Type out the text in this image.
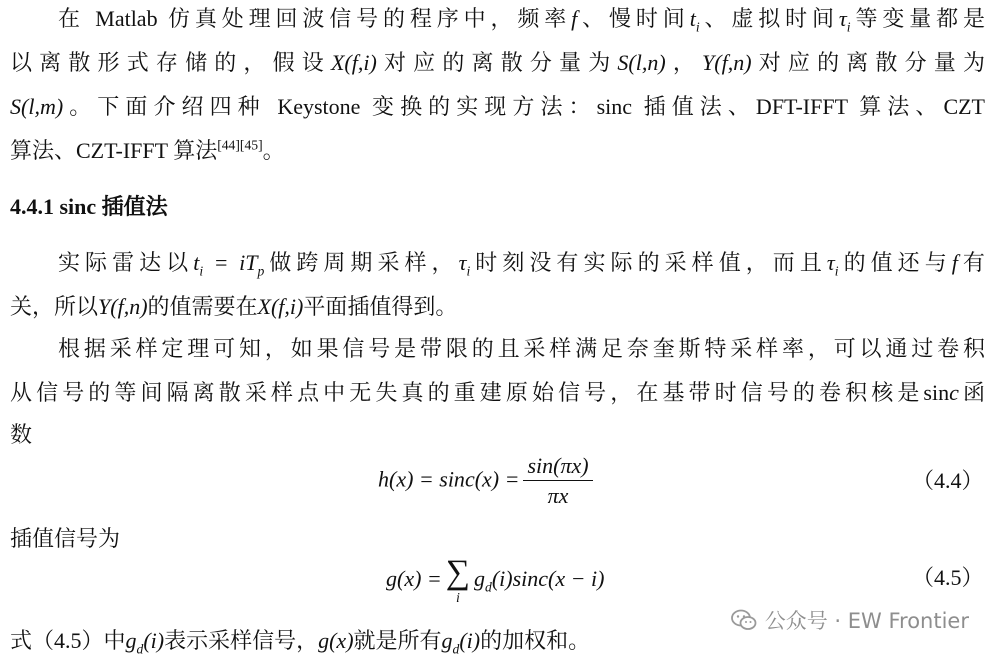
在 Matlab 仿真处理回波信号的程序中，频率f、慢时间$t_i$、虚拟时间$\tau_i$等变量都是
以离散形式存储的，假设X(f,i)对应的离散分量为S(l,n)，Y(f,n)对应的离散分量为
S(l,m)。下面介绍四种 Keystone 变换的实现方法：sinc 插值法、DFT-IFFT 算法、CZT
算法、CZT-IFFT 算法[44][45]。
4.4.1 sinc 插值法
实际雷达以$t_i = iT_p$做跨周期采样，$\tau_i$时刻没有实际的采样值，而且$\tau_i$的值还与f有
关，所以Y(f,n)的值需要在X(f,i)平面插值得到。
根据采样定理可知，如果信号是带限的且采样满足奈奎斯特采样率，可以通过卷积
从信号的等间隔离散采样点中无失真的重建原始信号，在基带时信号的卷积核是sinc函
数
$h(x) = \sin c(x) = \frac{\sin(\pi x)}{\pi x}$	（4.4）
插值信号为
g(x) = ∑
i
$g_d(i)\sin c(x - i)$	（4.5）
式（4.5）中$g_d(i)$表示采样信号，g(x)就是所有$g_d(i)$的加权和。
公众号 · EW Frontier
